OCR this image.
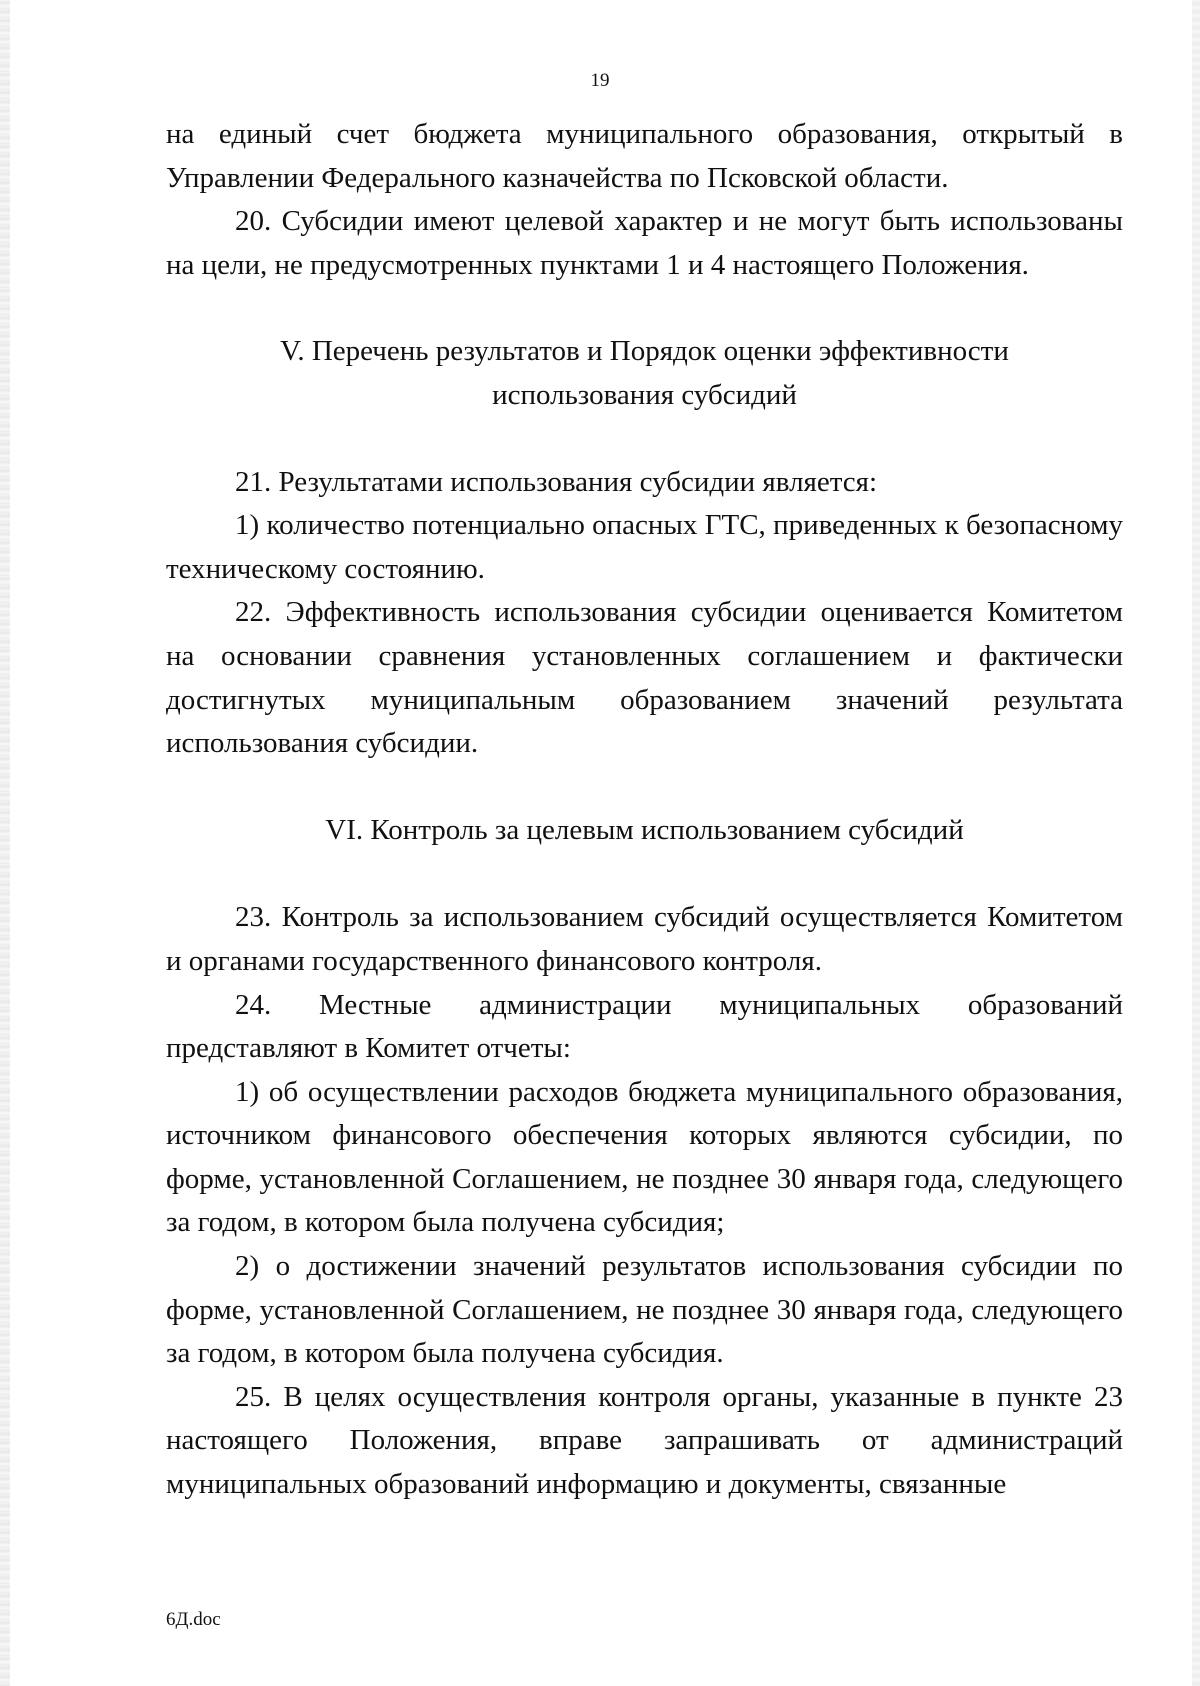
19

на единый счет бюджета муниципального образования, открытый в Управлении Федерального казначейства по Псковской области.

20. Субсидии имеют целевой характер и не могут быть использованы на цели, не предусмотренных пунктами 1 и 4 настоящего Положения.

V. Перечень результатов и Порядок оценки эффективности

использования субсидий

21. Результатами использования субсидии является:

1) количество потенциально опасных ГТС, приведенных к безопасному техническому состоянию.

22. Эффективность использования субсидии оценивается Комитетом на основании сравнения установленных соглашением и фактически достигнутых муниципальным образованием значений результата использования субсидии.

VI. Контроль за целевым использованием субсидий

23. Контроль за использованием субсидий осуществляется Комитетом и органами государственного финансового контроля.

24. Местные администрации муниципальных образований представляют в Комитет отчеты:

1) об осуществлении расходов бюджета муниципального образования, источником финансового обеспечения которых являются субсидии, по форме, установленной Соглашением, не позднее 30 января года, следующего за годом, в котором была получена субсидия;

2) о достижении значений результатов использования субсидии по форме, установленной Соглашением, не позднее 30 января года, следующего за годом, в котором была получена субсидия.

25. В целях осуществления контроля органы, указанные в пункте 23 настоящего Положения, вправе запрашивать от администраций муниципальных образований информацию и документы, связанные

6Д.doc
